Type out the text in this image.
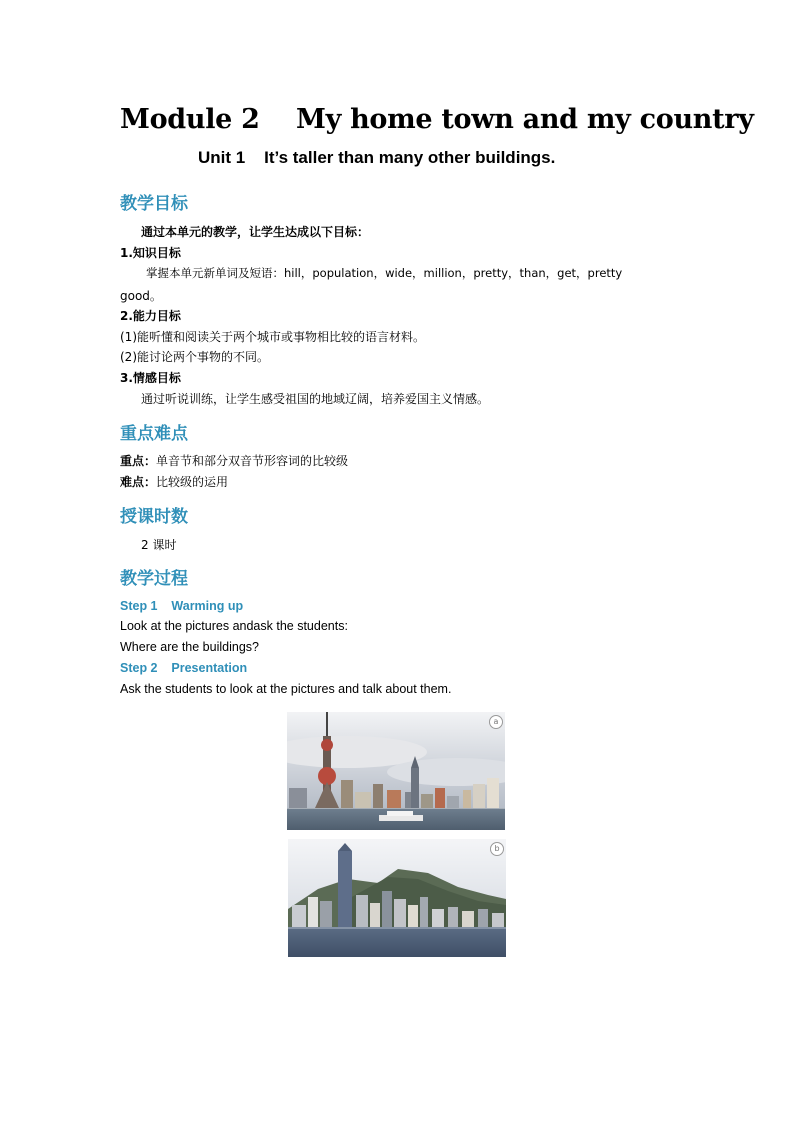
Module 2    My home town and my country
Unit 1    It’s taller than many other buildings.
教学目标
通过本单元的教学，让学生达成以下目标：
1.知识目标
掌握本单元新单词及短语：hill，population，wide，million，pretty，than，get，pretty
good。
2.能力目标
(1)能听懂和阅读关于两个城市或事物相比较的语言材料。
(2)能讨论两个事物的不同。
3.情感目标
通过听说训练，让学生感受祖国的地域辽阔，培养爱国主义情感。
重点难点
重点：单音节和部分双音节形容词的比较级
难点：比较级的运用
授课时数
2 课时
教学过程
Step 1    Warming up
Look at the pictures andask the students:
Where are the buildings?
Step 2    Presentation
Ask the students to look at the pictures and talk about them.
a
b
